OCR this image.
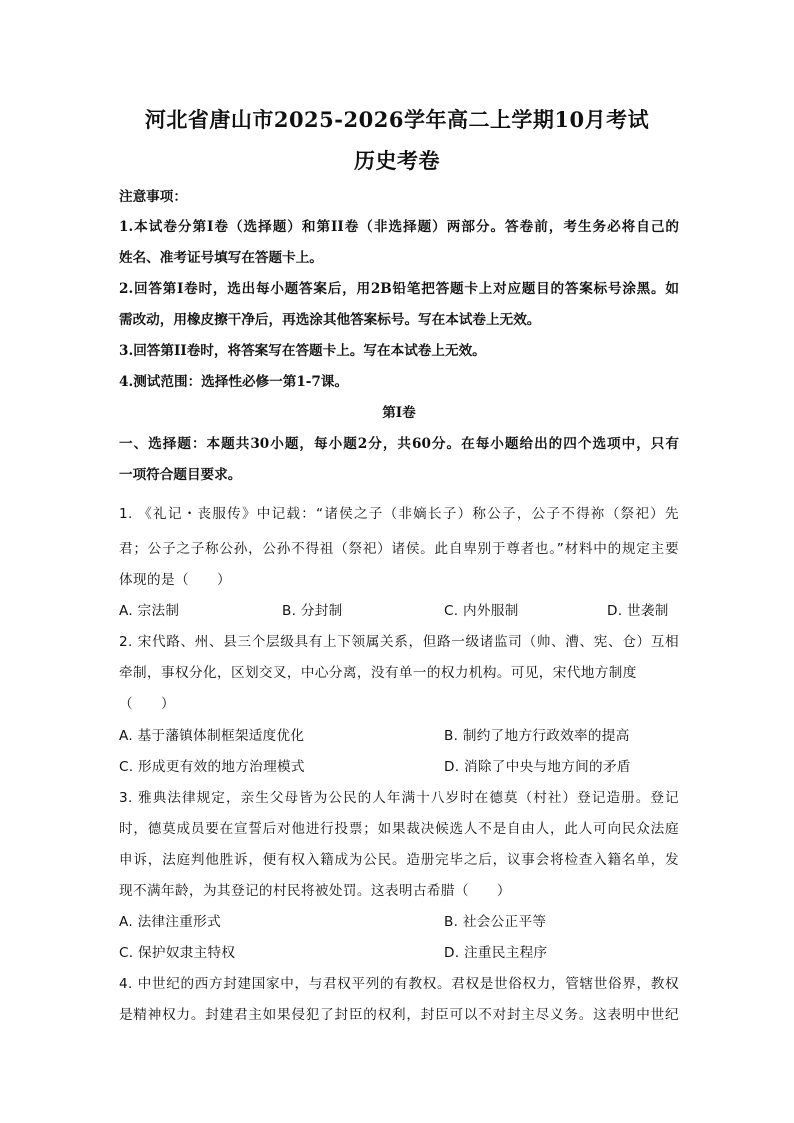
河北省唐山市2025-2026学年高二上学期10月考试
历史考卷
注意事项：
1.本试卷分第I卷（选择题）和第II卷（非选择题）两部分。答卷前，考生务必将自己的
姓名、准考证号填写在答题卡上。
2.回答第I卷时，选出每小题答案后，用2B铅笔把答题卡上对应题目的答案标号涂黑。如
需改动，用橡皮擦干净后，再选涂其他答案标号。写在本试卷上无效。
3.回答第II卷时，将答案写在答题卡上。写在本试卷上无效。
4.测试范围：选择性必修一第1-7课。
第I卷
一、选择题：本题共30小题，每小题2分，共60分。在每小题给出的四个选项中，只有
一项符合题目要求。
1. 《礼记・丧服传》中记载：“诸侯之子（非嫡长子）称公子，公子不得祢（祭祀）先
君；公子之子称公孙，公孙不得祖（祭祀）诸侯。此自卑别于尊者也。”材料中的规定主要
体现的是（　　）
A. 宗法制	B. 分封制	C. 内外服制	D. 世袭制
2. 宋代路、州、县三个层级具有上下领属关系，但路一级诸监司（帅、漕、宪、仓）互相
牵制，事权分化，区划交叉，中心分离，没有单一的权力机构。可见，宋代地方制度
（　　）
A. 基于藩镇体制框架适度优化	B. 制约了地方行政效率的提高
C. 形成更有效的地方治理模式	D. 消除了中央与地方间的矛盾
3. 雅典法律规定，亲生父母皆为公民的人年满十八岁时在德莫（村社）登记造册。登记
时，德莫成员要在宣誓后对他进行投票；如果裁决候选人不是自由人，此人可向民众法庭
申诉，法庭判他胜诉，便有权入籍成为公民。造册完毕之后，议事会将检查入籍名单，发
现不满年龄，为其登记的村民将被处罚。这表明古希腊（　　）
A. 法律注重形式	B. 社会公正平等
C. 保护奴隶主特权	D. 注重民主程序
4. 中世纪的西方封建国家中，与君权平列的有教权。君权是世俗权力，管辖世俗界，教权
是精神权力。封建君主如果侵犯了封臣的权利，封臣可以不对封主尽义务。这表明中世纪
